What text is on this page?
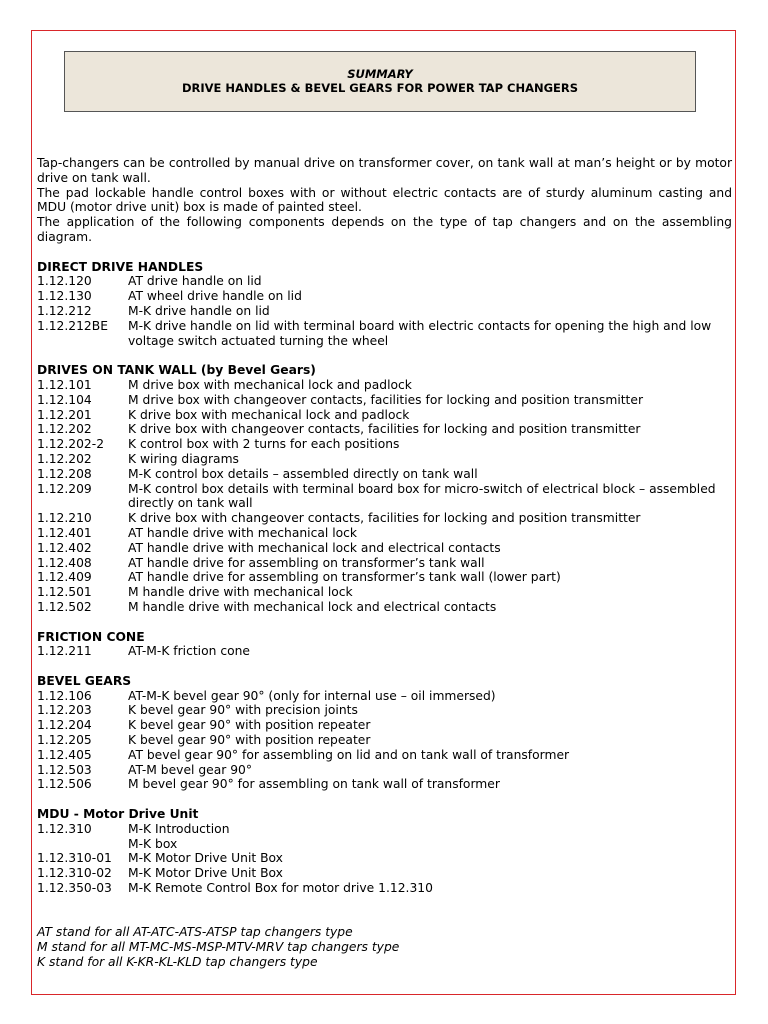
SUMMARY
DRIVE HANDLES & BEVEL GEARS FOR POWER TAP CHANGERS

Tap-changers can be controlled by manual drive on transformer cover, on tank wall at man’s height or by motor drive on tank wall.

The pad lockable handle control boxes with or without electric contacts are of sturdy aluminum casting and MDU (motor drive unit) box is made of painted steel.

The application of the following components depends on the type of tap changers and on the assembling diagram.

DIRECT DRIVE HANDLES
1.12.120	AT drive handle on lid
1.12.130	AT wheel drive handle on lid
1.12.212	M-K drive handle on lid
1.12.212BE	M-K drive handle on lid with terminal board with electric contacts for opening the high and low voltage switch actuated turning the wheel
DRIVES ON TANK WALL (by Bevel Gears)
1.12.101	M drive box with mechanical lock and padlock
1.12.104	M drive box with changeover contacts, facilities for locking and position transmitter
1.12.201	K drive box with mechanical lock and padlock
1.12.202	K drive box with changeover contacts, facilities for locking and position transmitter
1.12.202-2	K control box with 2 turns for each positions
1.12.202	K wiring diagrams
1.12.208	M-K control box details – assembled directly on tank wall
1.12.209	M-K control box details with terminal board box for micro-switch of electrical block – assembled directly on tank wall
1.12.210	K drive box with changeover contacts, facilities for locking and position transmitter
1.12.401	AT handle drive with mechanical lock
1.12.402	AT handle drive with mechanical lock and electrical contacts
1.12.408	AT handle drive for assembling on transformer’s tank wall
1.12.409	AT handle drive for assembling on transformer’s tank wall (lower part)
1.12.501	M handle drive with mechanical lock
1.12.502	M handle drive with mechanical lock and electrical contacts
FRICTION CONE
1.12.211	AT-M-K friction cone
BEVEL GEARS
1.12.106	AT-M-K bevel gear 90° (only for internal use – oil immersed)
1.12.203	K bevel gear 90° with precision joints
1.12.204	K bevel gear 90° with position repeater
1.12.205	K bevel gear 90° with position repeater
1.12.405	AT bevel gear 90° for assembling on lid and on tank wall of transformer
1.12.503	AT-M bevel gear 90°
1.12.506	M bevel gear 90° for assembling on tank wall of transformer
MDU - Motor Drive Unit
1.12.310	M-K Introduction
M-K box
1.12.310-01	M-K Motor Drive Unit Box
1.12.310-02	M-K Motor Drive Unit Box
1.12.350-03	M-K Remote Control Box for motor drive 1.12.310
AT stand for all AT-ATC-ATS-ATSP tap changers type
M stand for all MT-MC-MS-MSP-MTV-MRV tap changers type
K stand for all K-KR-KL-KLD tap changers type
